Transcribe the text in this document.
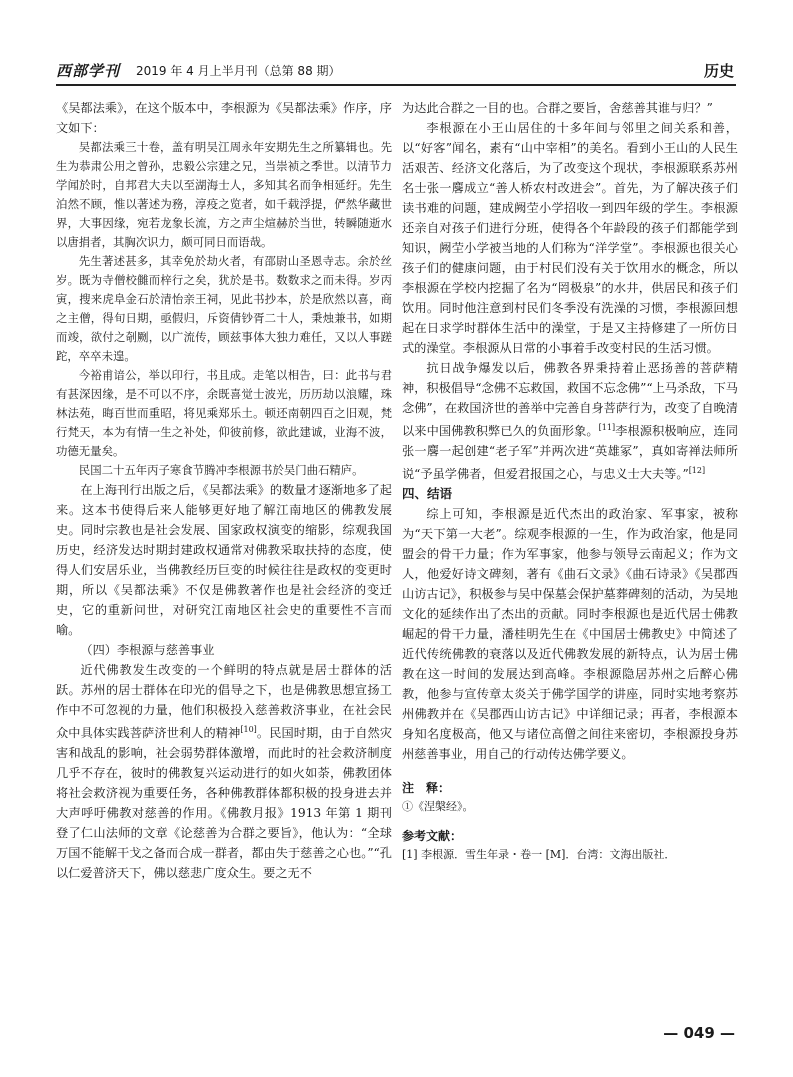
西部学刊 2019 年 4 月上半月刊（总第 88 期）	历史

《吴都法乘》，在这个版本中，李根源为《吴都法乘》作序，序文如下：

吴都法乘三十卷，盖有明吴江周永年安期先生之所纂辑也。先生为恭肃公用之曾孙，忠毅公宗建之兄，当崇祯之季世。以清节力学闻於时，自邦君大夫以至湖海士人，多知其名而争相延纡。先生泊然不顾，惟以著述为務，淳疫之览者，如千载浮提，俨然华藏世界，大事因缘，宛若龙象长流，方之声尘煊赫於当世，转瞬随逝水以唐捐者，其胸次识力，颇可同日而语哉。

先生著述甚多，其幸免於劫火者，有邵尉山圣恩寺志。余於丝岁。既为寺僧校雠而梓行之矣，犹於是书。数数求之而未得。岁丙寅，搜来虎阜金石於清怡亲王祠，见此书抄本，於是欣然以喜，商之主僧，得旬日期，亟假归，斥资倩钞胥二十人，秉烛兼书，如期而竣，欲付之剞劂，以广流传，顾兹事体大独力难任，又以人事蹉跎，卒卒未遑。

今裕甫谙公，举以印行，书且成。走笔以相告，曰：此书与君有甚深因缘，是不可以不序，余既喜觉士波光，历历劫以浪耀，珠林法苑，晦百世而重昭，将见乘郑乐土。顿还南朝四百之旧观，梵行梵天，本为有情一生之补处，仰彼前修，欲此建诚，业海不波，功德无量矣。

民国二十五年丙子寒食节腾冲李根源书於吴门曲石精庐。

在上海刊行出版之后，《吴都法乘》的数量才逐渐地多了起来。这本书使得后来人能够更好地了解江南地区的佛教发展史。同时宗教也是社会发展、国家政权演变的缩影，综观我国历史，经济发达时期封建政权通常对佛教采取扶持的态度，使得人们安居乐业，当佛教经历巨变的时候往往是政权的变更时期，所以《吴都法乘》不仅是佛教著作也是社会经济的变迁史，它的重新问世，对研究江南地区社会史的重要性不言而喻。

（四）李根源与慈善事业

近代佛教发生改变的一个鲜明的特点就是居士群体的活跃。苏州的居士群体在印光的倡导之下，也是佛教思想宣扬工作中不可忽视的力量，他们积极投入慈善救济事业，在社会民众中具体实践菩萨济世利人的精神[10]。民国时期，由于自然灾害和战乱的影响，社会弱势群体激增，而此时的社会救济制度几乎不存在，彼时的佛教复兴运动进行的如火如荼，佛教团体将社会救济视为重要任务，各种佛教群体都积极的投身进去并大声呼吁佛教对慈善的作用。《佛教月报》1913 年第 1 期刊登了仁山法师的文章《论慈善为合群之要旨》，他认为：“全球万国不能解干戈之备而合成一群者，都由失于慈善之心也。”“孔以仁爱普济天下，佛以慈悲广度众生。要之无不

为达此合群之一目的也。合群之要旨，舍慈善其谁与归？”

李根源在小王山居住的十多年间与邻里之间关系和善，以“好客”闻名，素有“山中宰相”的美名。看到小王山的人民生活艰苦、经济文化落后，为了改变这个现状，李根源联系苏州名士张一麐成立“善人桥农村改进会”。首先，为了解决孩子们读书难的问题，建成阙茔小学招收一到四年级的学生。李根源还亲自对孩子们进行分班，使得各个年龄段的孩子们都能学到知识，阙茔小学被当地的人们称为“洋学堂”。李根源也很关心孩子们的健康问题，由于村民们没有关于饮用水的概念，所以李根源在学校内挖掘了名为“罔极泉”的水井，供居民和孩子们饮用。同时他注意到村民们冬季没有洗澡的习惯，李根源回想起在日求学时群体生活中的澡堂，于是又主持修建了一所仿日式的澡堂。李根源从日常的小事着手改变村民的生活习惯。

抗日战争爆发以后，佛教各界秉持着止恶扬善的菩萨精神，积极倡导“念佛不忘救国，救国不忘念佛”“上马杀敌，下马念佛”，在救国济世的善举中完善自身菩萨行为，改变了自晚清以来中国佛教积弊已久的负面形象。[11]李根源积极响应，连同张一麐一起创建“老子军”并两次进“英雄冢”，真如寄禅法师所说“予虽学佛者，但爱君报国之心，与忠义士大夫等。”[12]

四、结语

综上可知，李根源是近代杰出的政治家、军事家，被称为“天下第一大老”。综观李根源的一生，作为政治家，他是同盟会的骨干力量；作为军事家，他参与领导云南起义；作为文人，他爱好诗文碑刻，著有《曲石文录》《曲石诗录》《吴郡西山访古记》，积极参与吴中保墓会保护墓葬碑刻的活动，为吴地文化的延续作出了杰出的贡献。同时李根源也是近代居士佛教崛起的骨干力量，潘桂明先生在《中国居士佛教史》中简述了近代传统佛教的衰落以及近代佛教发展的新特点，认为居士佛教在这一时间的发展达到高峰。李根源隐居苏州之后醉心佛教，他参与宣传章太炎关于佛学国学的讲座，同时实地考察苏州佛教并在《吴郡西山访古记》中详细记录；再者，李根源本身知名度极高，他又与诸位高僧之间往来密切，李根源投身苏州慈善事业，用自己的行动传达佛学要义。

注　释：

①《涅槃经》。

参考文献：

[1] 李根源．雪生年录・卷一 [M]．台湾：文海出版社．

— 049 —
